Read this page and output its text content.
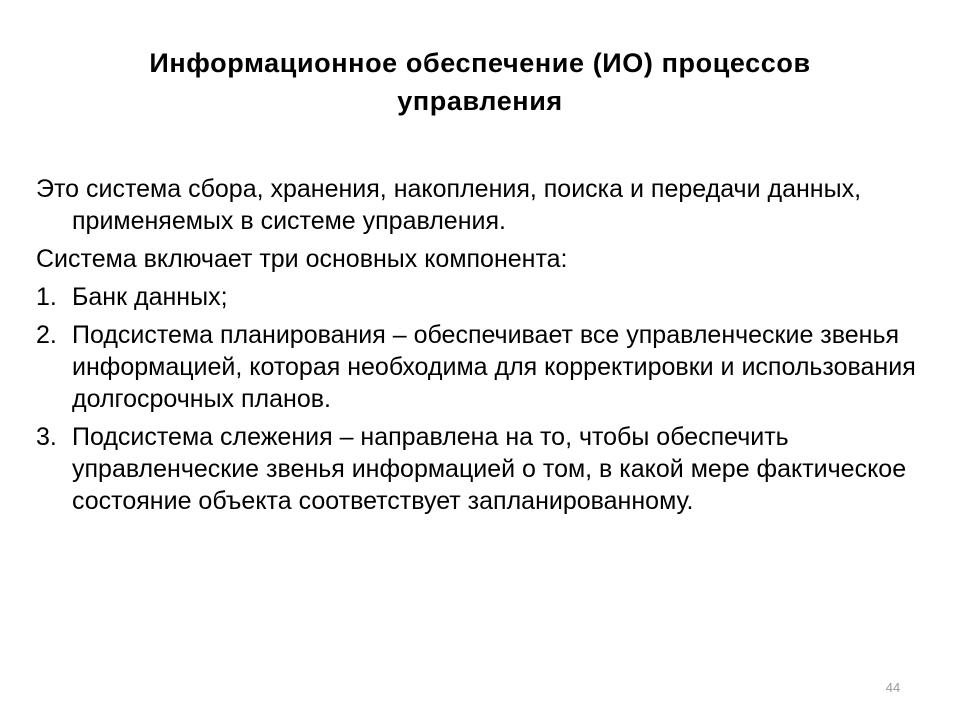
Информационное обеспечение (ИО) процессов
управления

Это система сбора, хранения, накопления, поиска и передачи данных, применяемых в системе управления.

Система включает три основных компонента:

1. Банк данных;
2. Подсистема планирования – обеспечивает все управленческие звенья информацией, которая необходима для корректировки и использования долгосрочных планов.
3. Подсистема слежения – направлена на то, чтобы обеспечить управленческие звенья информацией о том, в какой мере фактическое состояние объекта соответствует запланированному.
44
